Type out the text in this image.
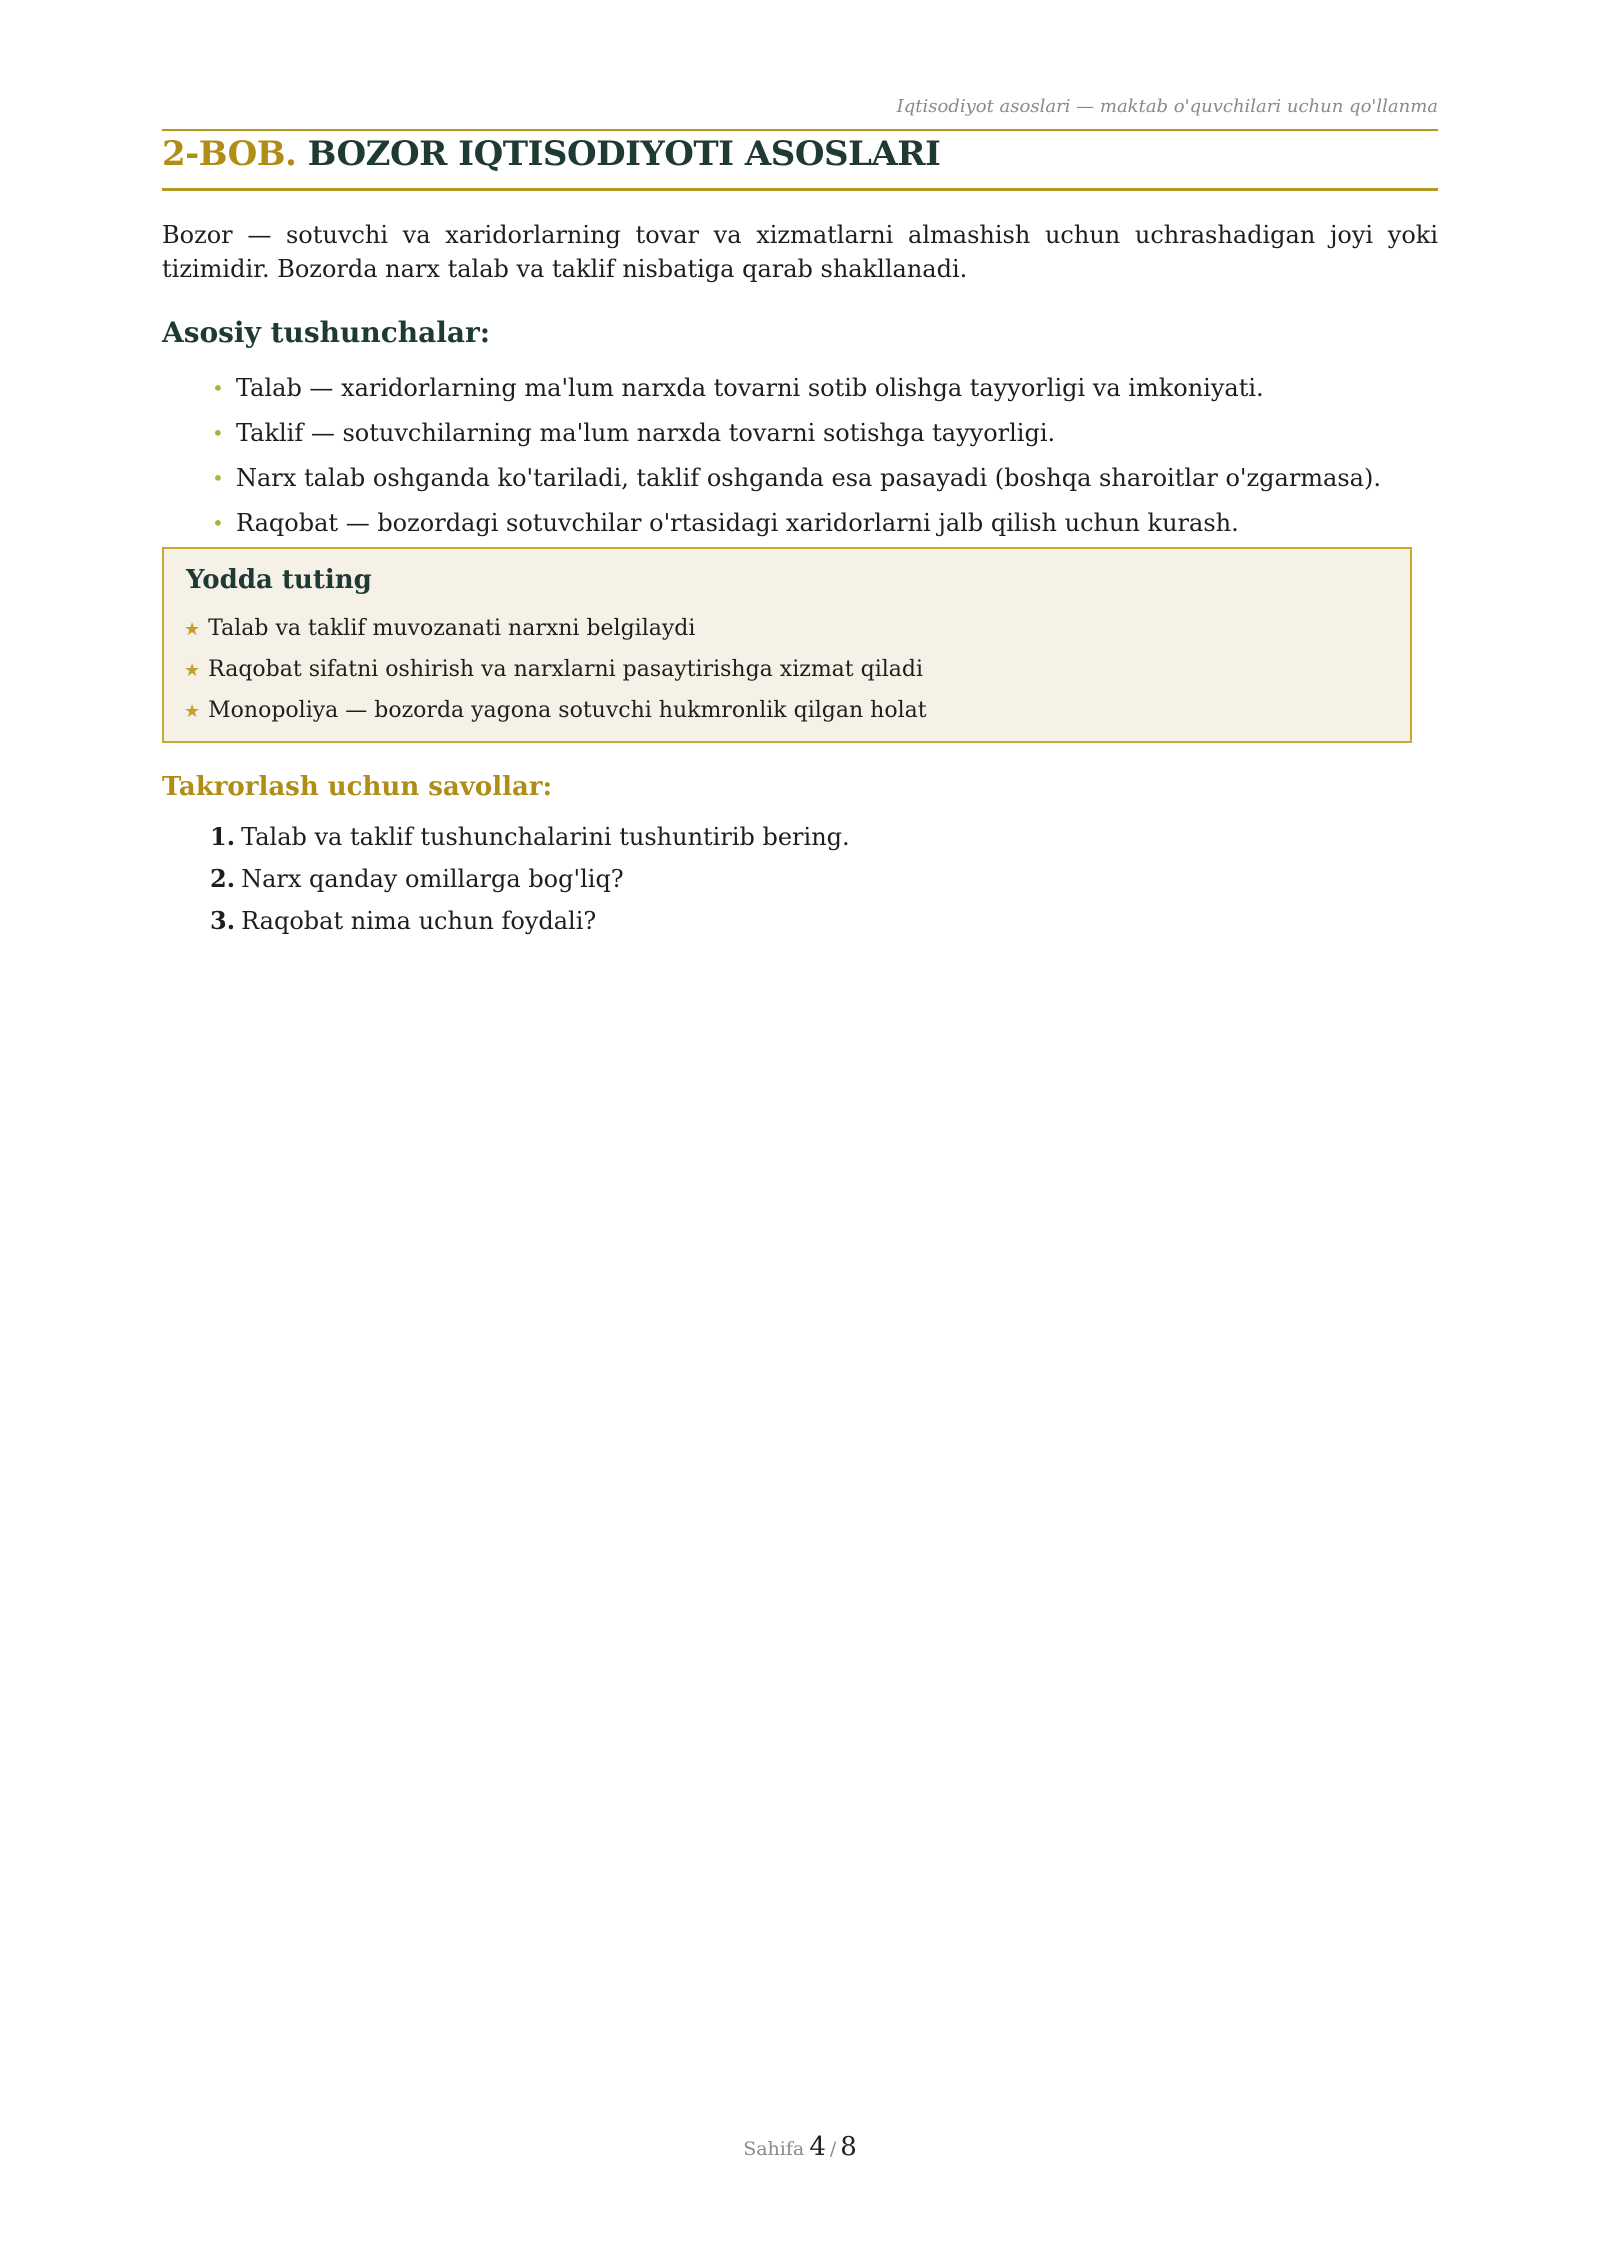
Iqtisodiyot asoslari — maktab o'quvchilari uchun qo'llanma
2-BOB. BOZOR IQTISODIYOTI ASOSLARI

Bozor — sotuvchi va xaridorlarning tovar va xizmatlarni almashish uchun uchrashadigan joyi yoki tizimidir. Bozorda narx talab va taklif nisbatiga qarab shakllanadi.

Asosiy tushunchalar:
• Talab — xaridorlarning ma'lum narxda tovarni sotib olishga tayyorligi va imkoniyati.
• Taklif — sotuvchilarning ma'lum narxda tovarni sotishga tayyorligi.
• Narx talab oshganda ko'tariladi, taklif oshganda esa pasayadi (boshqa sharoitlar o'zgarmasa).
• Raqobat — bozordagi sotuvchilar o'rtasidagi xaridorlarni jalb qilish uchun kurash.
Yodda tuting
★ Talab va taklif muvozanati narxni belgilaydi
★ Raqobat sifatni oshirish va narxlarni pasaytirishga xizmat qiladi
★ Monopoliya — bozorda yagona sotuvchi hukmronlik qilgan holat
Takrorlash uchun savollar:
1. Talab va taklif tushunchalarini tushuntirib bering.
2. Narx qanday omillarga bog'liq?
3. Raqobat nima uchun foydali?
Sahifa 4 / 8
